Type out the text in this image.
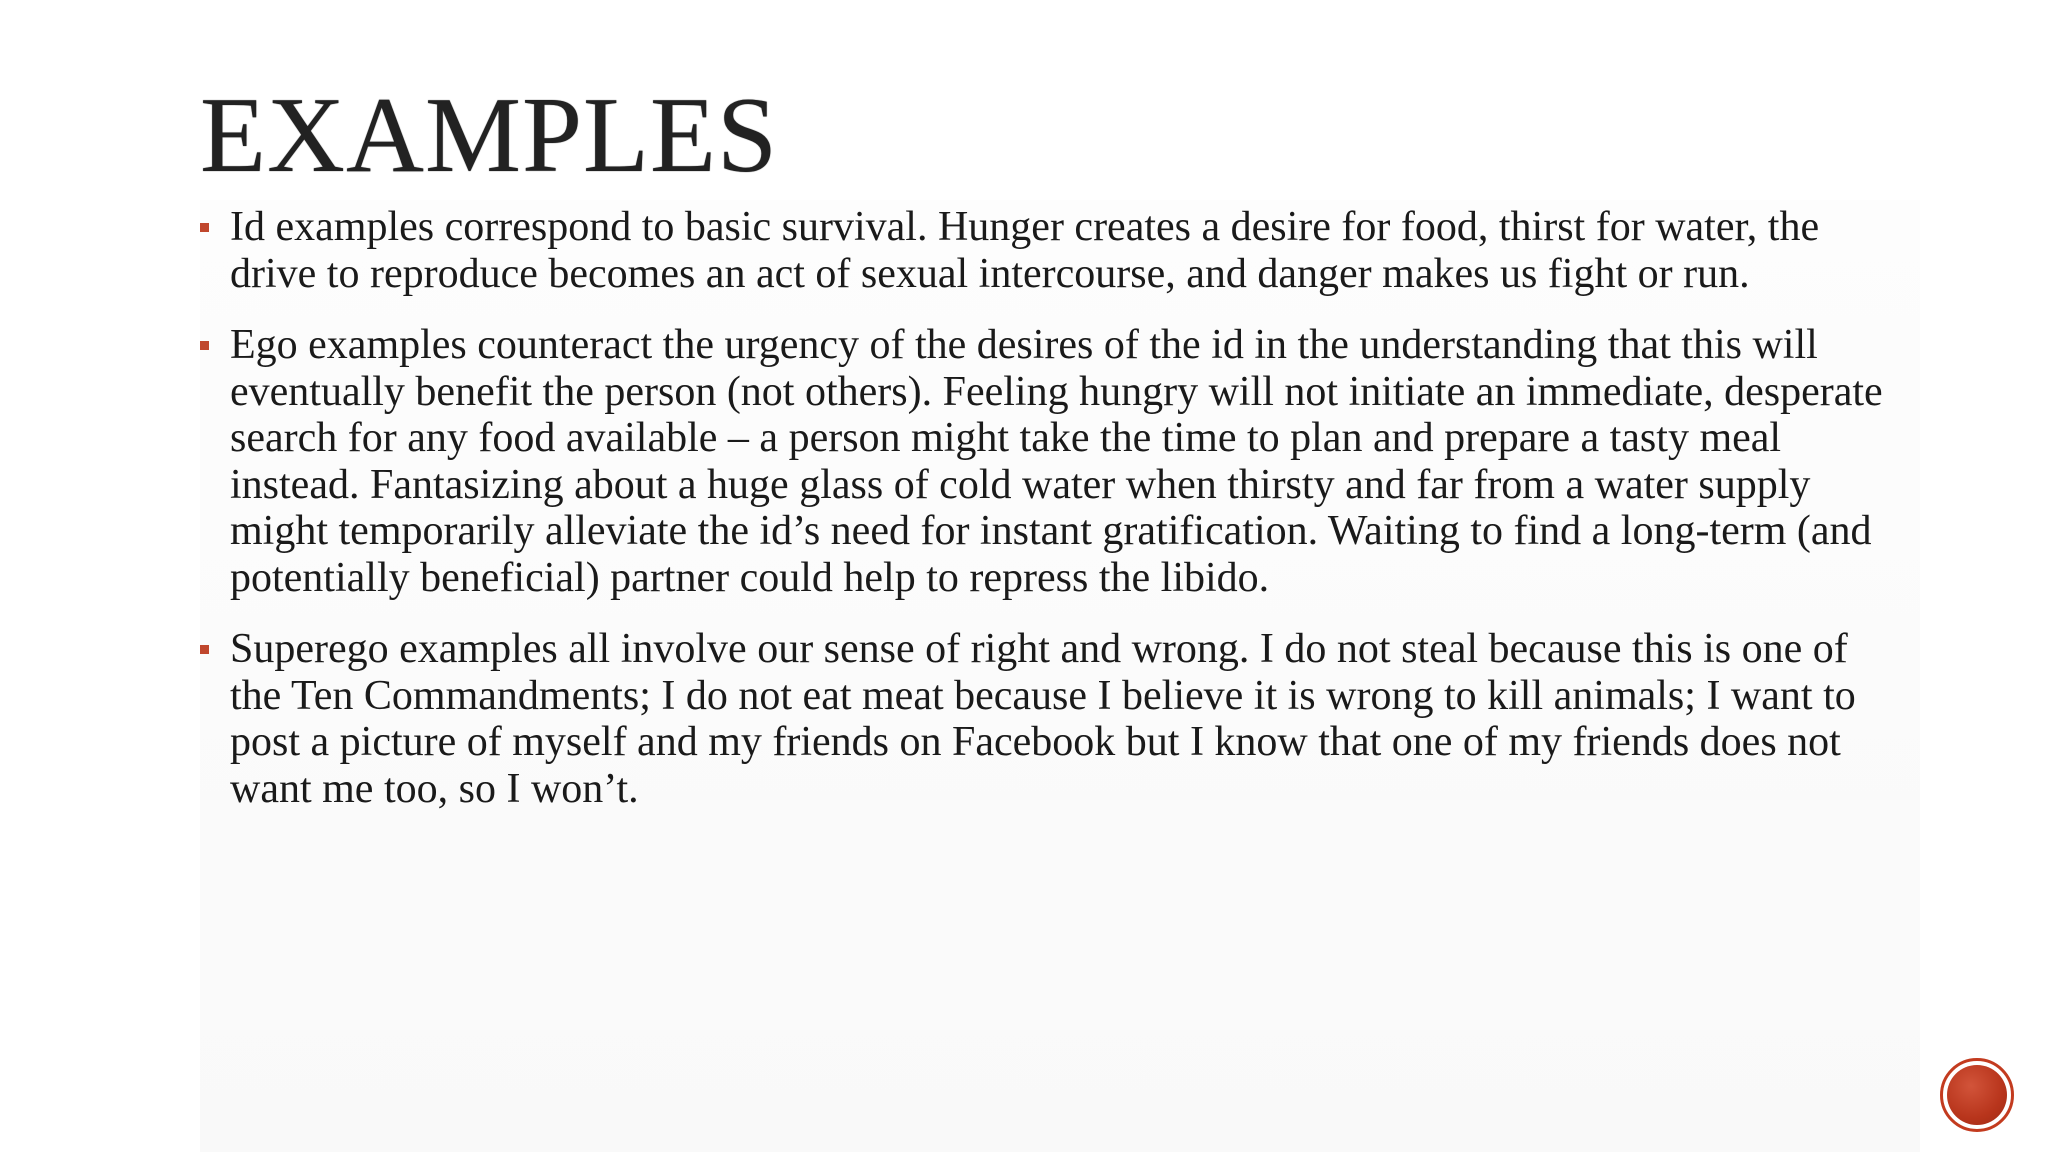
EXAMPLES
Id examples correspond to basic survival. Hunger creates a desire for food, thirst for water, the drive to reproduce becomes an act of sexual intercourse, and danger makes us fight or run.
Ego examples counteract the urgency of the desires of the id in the understanding that this will eventually benefit the person (not others). Feeling hungry will not initiate an immediate, desperate search for any food available – a person might take the time to plan and prepare a tasty meal instead. Fantasizing about a huge glass of cold water when thirsty and far from a water supply might temporarily alleviate the id’s need for instant gratification. Waiting to find a long-term (and potentially beneficial) partner could help to repress the libido.
Superego examples all involve our sense of right and wrong. I do not steal because this is one of the Ten Commandments; I do not eat meat because I believe it is wrong to kill animals; I want to post a picture of myself and my friends on Facebook but I know that one of my friends does not want me too, so I won’t.
